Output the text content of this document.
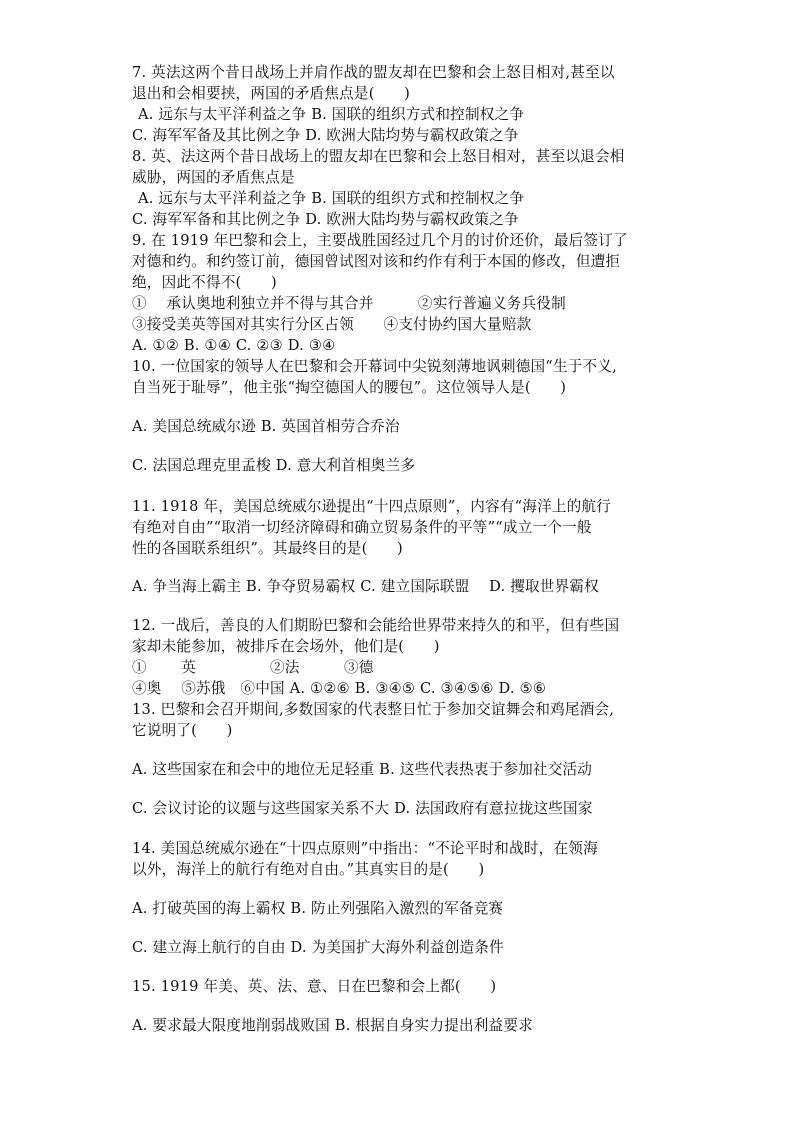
7. 英法这两个昔日战场上并肩作战的盟友却在巴黎和会上怒目相对,甚至以
退出和会相要挟，两国的矛盾焦点是(　　)
A. 远东与太平洋利益之争 B. 国联的组织方式和控制权之争
C. 海军军备及其比例之争 D. 欧洲大陆均势与霸权政策之争
8. 英、法这两个昔日战场上的盟友却在巴黎和会上怒目相对，甚至以退会相
威胁，两国的矛盾焦点是
A. 远东与太平洋利益之争 B. 国联的组织方式和控制权之争
C. 海军军备和其比例之争 D. 欧洲大陆均势与霸权政策之争
9. 在 1919 年巴黎和会上，主要战胜国经过几个月的讨价还价，最后签订了
对德和约。和约签订前，德国曾试图对该和约作有利于本国的修改，但遭拒
绝，因此不得不(　　)
①　 承认奥地利独立并不得与其合并　　　②实行普遍义务兵役制
③接受美英等国对其实行分区占领　　④支付协约国大量赔款
A. ①② B. ①④ C. ②③ D. ③④
10. 一位国家的领导人在巴黎和会开幕词中尖锐刻薄地讽刺德国“生于不义,
自当死于耻辱”，他主张“掏空德国人的腰包”。这位领导人是(　　)
A. 美国总统威尔逊 B. 英国首相劳合乔治
C. 法国总理克里孟梭 D. 意大利首相奥兰多
11. 1918 年，美国总统威尔逊提出“十四点原则”，内容有“海洋上的航行
有绝对自由”“取消一切经济障碍和确立贸易条件的平等”“成立一个一般
性的各国联系组织”。其最终目的是(　　)
A. 争当海上霸主 B. 争夺贸易霸权 C. 建立国际联盟　 D. 攫取世界霸权
12. 一战后，善良的人们期盼巴黎和会能给世界带来持久的和平，但有些国
家却未能参加，被排斥在会场外，他们是(　　)
①　　 英　　　　　②法　　　③德
④奥　 ⑤苏俄　⑥中国 A. ①②⑥ B. ③④⑤ C. ③④⑤⑥ D. ⑤⑥
13. 巴黎和会召开期间,多数国家的代表整日忙于参加交谊舞会和鸡尾酒会,
它说明了(　　)
A. 这些国家在和会中的地位无足轻重 B. 这些代表热衷于参加社交活动
C. 会议讨论的议题与这些国家关系不大 D. 法国政府有意拉拢这些国家
14. 美国总统威尔逊在“十四点原则”中指出：“不论平时和战时，在领海
以外，海洋上的航行有绝对自由。”其真实目的是(　　)
A. 打破英国的海上霸权 B. 防止列强陷入激烈的军备竞赛
C. 建立海上航行的自由 D. 为美国扩大海外利益创造条件
15. 1919 年美、英、法、意、日在巴黎和会上都(　　)
A. 要求最大限度地削弱战败国 B. 根据自身实力提出利益要求
